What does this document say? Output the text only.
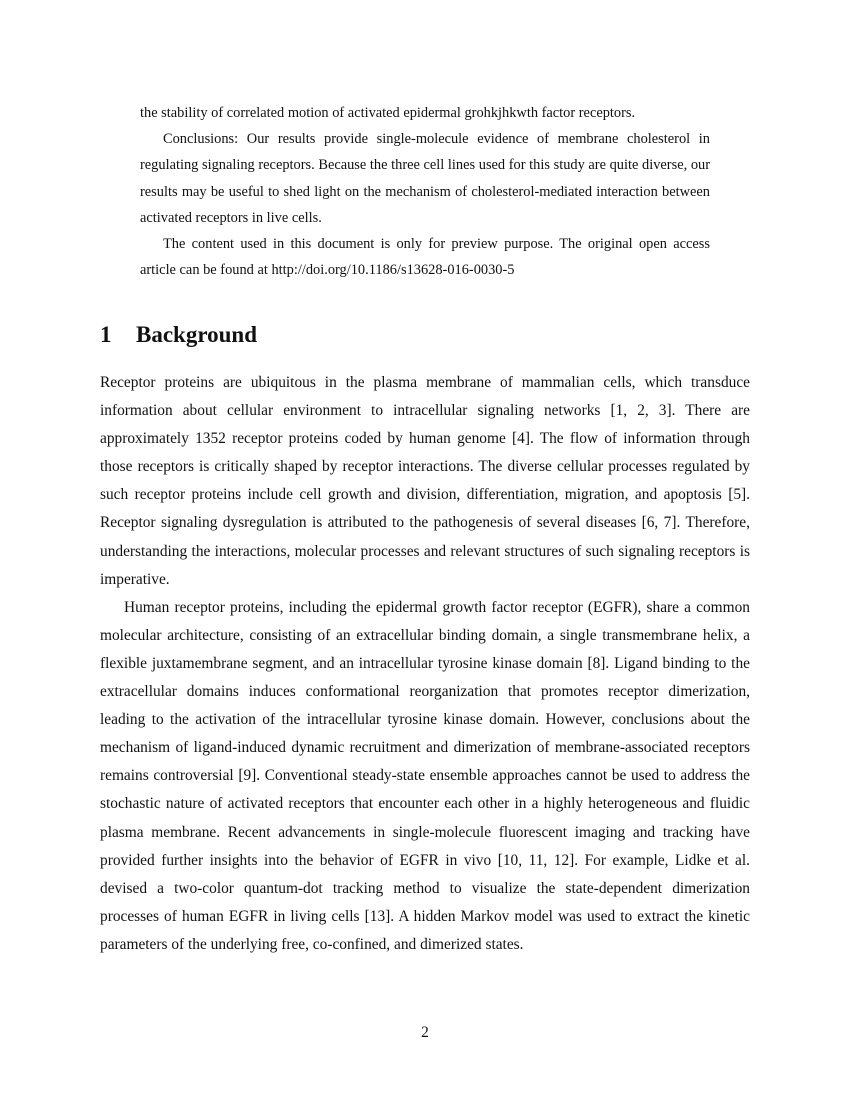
the stability of correlated motion of activated epidermal grohkjhkwth factor receptors.

Conclusions: Our results provide single-molecule evidence of membrane cholesterol in regulating signaling receptors. Because the three cell lines used for this study are quite diverse, our results may be useful to shed light on the mechanism of cholesterol-mediated interaction between activated receptors in live cells.

The content used in this document is only for preview purpose. The original open access article can be found at http://doi.org/10.1186/s13628-016-0030-5

1 Background

Receptor proteins are ubiquitous in the plasma membrane of mammalian cells, which transduce information about cellular environment to intracellular signaling networks [1, 2, 3]. There are approximately 1352 receptor proteins coded by human genome [4]. The flow of information through those receptors is critically shaped by receptor interactions. The diverse cellular processes regulated by such receptor proteins include cell growth and division, differentiation, migration, and apoptosis [5]. Receptor signaling dysregulation is attributed to the pathogenesis of several diseases [6, 7]. Therefore, understanding the interactions, molecular processes and relevant structures of such signaling receptors is imperative.

Human receptor proteins, including the epidermal growth factor receptor (EGFR), share a common molecular architecture, consisting of an extracellular binding domain, a single transmembrane helix, a flexible juxtamembrane segment, and an intracellular tyrosine kinase domain [8]. Ligand binding to the extracellular domains induces conformational reorganization that promotes receptor dimerization, leading to the activation of the intracellular tyrosine kinase domain. However, conclusions about the mechanism of ligand-induced dynamic recruitment and dimerization of membrane-associated receptors remains controversial [9]. Conventional steady-state ensemble approaches cannot be used to address the stochastic nature of activated receptors that encounter each other in a highly heterogeneous and fluidic plasma membrane. Recent advancements in single-molecule fluorescent imaging and tracking have provided further insights into the behavior of EGFR in vivo [10, 11, 12]. For example, Lidke et al. devised a two-color quantum-dot tracking method to visualize the state-dependent dimerization processes of human EGFR in living cells [13]. A hidden Markov model was used to extract the kinetic parameters of the underlying free, co-confined, and dimerized states.

2
